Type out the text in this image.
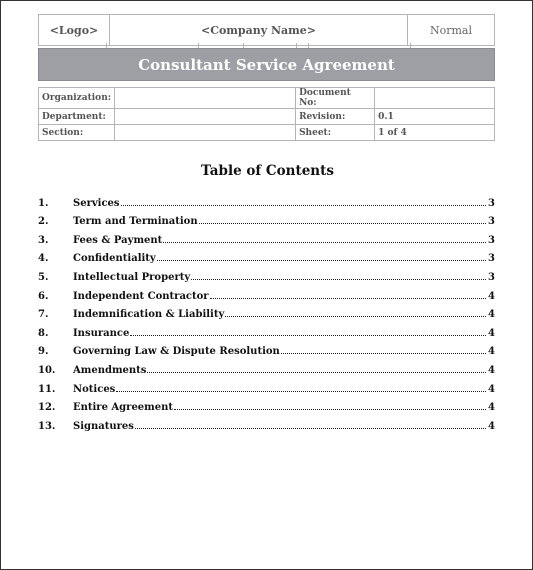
<Logo>	<Company Name>	Normal
Consultant Service Agreement
Organization:		Document No:	
Department:		Revision:	0.1
Section:		Sheet:	1 of 4
Table of Contents
1.	Services	3
2.	Term and Termination	3
3.	Fees & Payment	3
4.	Confidentiality	3
5.	Intellectual Property	3
6.	Independent Contractor	4
7.	Indemnification & Liability	4
8.	Insurance	4
9.	Governing Law & Dispute Resolution	4
10.	Amendments	4
11.	Notices	4
12.	Entire Agreement	4
13.	Signatures	4
